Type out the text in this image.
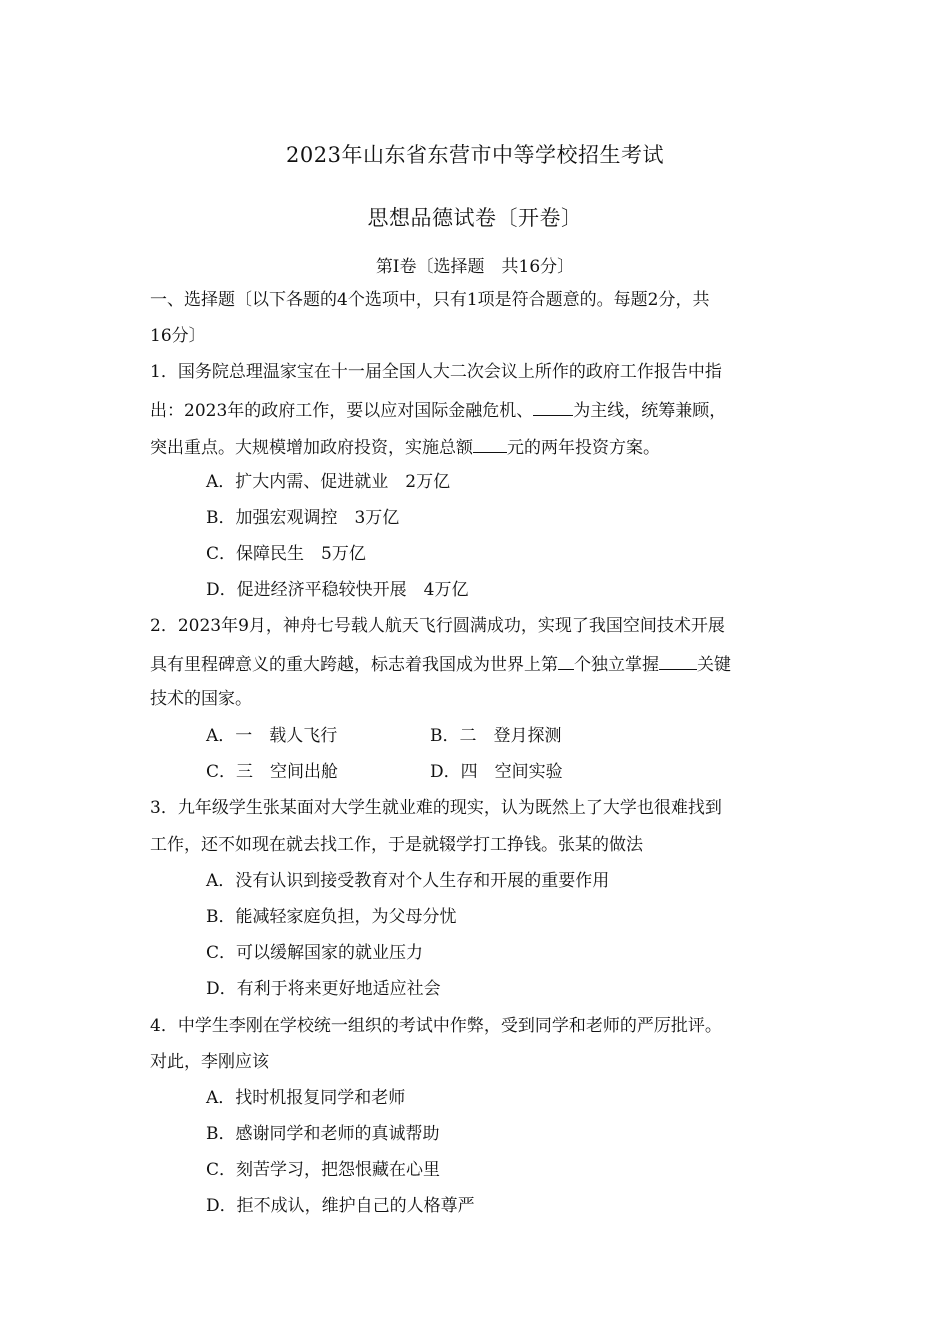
2023年山东省东营市中等学校招生考试
思想品德试卷〔开卷〕
第Ⅰ卷〔选择题　共16分〕
一、选择题〔以下各题的4个选项中，只有1项是符合题意的。每题2分，共
16分〕
1．国务院总理温家宝在十一届全国人大二次会议上所作的政府工作报告中指
出：2023年的政府工作，要以应对国际金融危机、 为主线，统筹兼顾，
突出重点。大规模增加政府投资，实施总额 元的两年投资方案。
A．扩大内需、促进就业　2万亿
B．加强宏观调控　3万亿
C．保障民生　5万亿
D．促进经济平稳较快开展　4万亿
2．2023年9月，神舟七号载人航天飞行圆满成功，实现了我国空间技术开展
具有里程碑意义的重大跨越，标志着我国成为世界上第 个独立掌握 关键
技术的国家。
A．一　载人飞行	B．二　登月探测
C．三　空间出舱	D．四　空间实验
3．九年级学生张某面对大学生就业难的现实，认为既然上了大学也很难找到
工作，还不如现在就去找工作，于是就辍学打工挣钱。张某的做法
A．没有认识到接受教育对个人生存和开展的重要作用
B．能减轻家庭负担，为父母分忧
C．可以缓解国家的就业压力
D．有利于将来更好地适应社会
4．中学生李刚在学校统一组织的考试中作弊，受到同学和老师的严厉批评。
对此，李刚应该
A．找时机报复同学和老师
B．感谢同学和老师的真诚帮助
C．刻苦学习，把怨恨藏在心里
D．拒不成认，维护自己的人格尊严
